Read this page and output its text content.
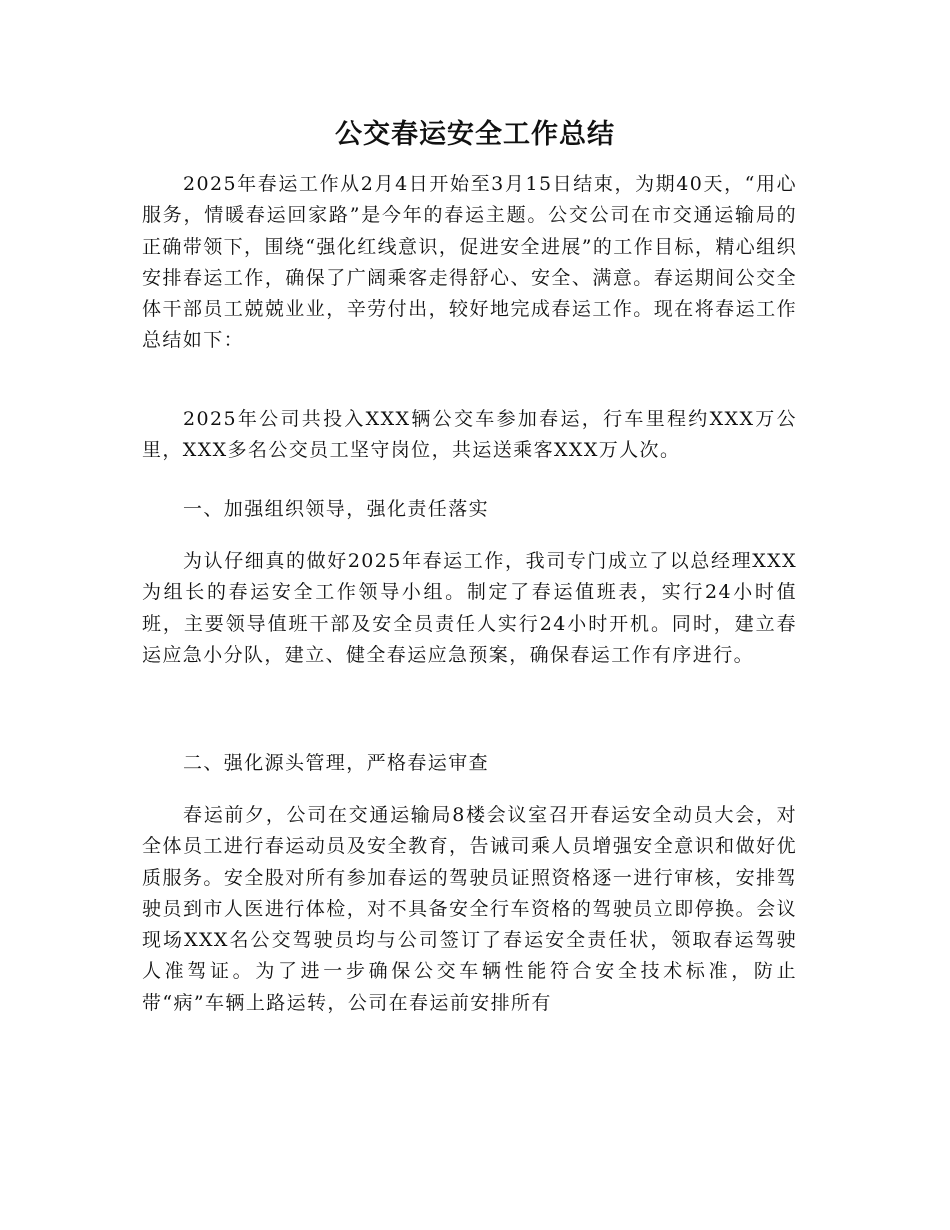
公交春运安全工作总结

2025年春运工作从2月4日开始至3月15日结束，为期40天，“用心服务，情暖春运回家路”是今年的春运主题。公交公司在市交通运输局的正确带领下，围绕“强化红线意识，促进安全进展”的工作目标，精心组织安排春运工作，确保了广阔乘客走得舒心、安全、满意。春运期间公交全体干部员工兢兢业业，辛劳付出，较好地完成春运工作。现在将春运工作总结如下：

2025年公司共投入XXX辆公交车参加春运，行车里程约XXX万公里，XXX多名公交员工坚守岗位，共运送乘客XXX万人次。

一、加强组织领导，强化责任落实

为认仔细真的做好2025年春运工作，我司专门成立了以总经理XXX为组长的春运安全工作领导小组。制定了春运值班表，实行24小时值班，主要领导值班干部及安全员责任人实行24小时开机。同时，建立春运应急小分队，建立、健全春运应急预案，确保春运工作有序进行。

二、强化源头管理，严格春运审查

春运前夕，公司在交通运输局8楼会议室召开春运安全动员大会，对全体员工进行春运动员及安全教育，告诫司乘人员增强安全意识和做好优质服务。安全股对所有参加春运的驾驶员证照资格逐一进行审核，安排驾驶员到市人医进行体检，对不具备安全行车资格的驾驶员立即停换。会议现场XXX名公交驾驶员均与公司签订了春运安全责任状，领取春运驾驶人准驾证。为了进一步确保公交车辆性能符合安全技术标准，防止带“病”车辆上路运转，公司在春运前安排所有
